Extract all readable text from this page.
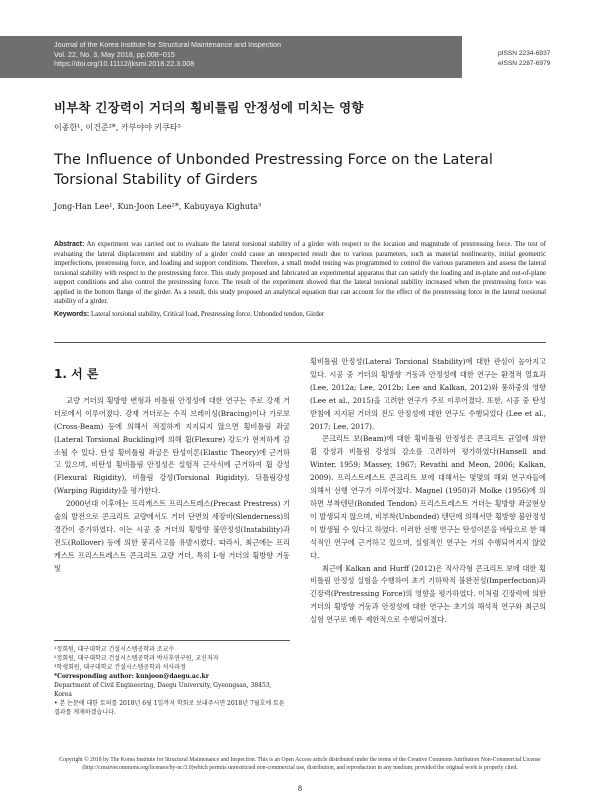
Journal of the Korea Institute for Structural Maintenance and Inspection
Vol. 22, No. 3, May 2018, pp.008~015
https://doi.org/10.11112/jksmi.2018.22.3.008
pISSN 2234-6937
eISSN 2287-6979
비부착 긴장력이 거더의 횡비틀림 안정성에 미치는 영향
이종한¹, 이건준²*, 카부야야 키쿠타³
The Influence of Unbonded Prestressing Force on the Lateral Torsional Stability of Girders
Jong-Han Lee¹, Kun-Joon Lee²*, Kabuyaya Kighuta³
Abstract: An experiment was carried out to evaluate the lateral torsional stability of a girder with respect to the location and magnitude of prestressing force. The test of evaluating the lateral displacement and stability of a girder could cause an unexpected result due to various parameters, such as material nonlinearity, initial geometric imperfections, prestressing force, and loading and support conditions. Therefore, a small model testing was programmed to control the various parameters and assess the lateral torsional stability with respect to the prestressing force. This study proposed and fabricated an experimental apparatus that can satisfy the loading and in-plane and out-of-plane support conditions and also control the prestressing force. The result of the experiment showed that the lateral torsional stability increased when the prestressing force was applied in the bottom flange of the girder. As a result, this study proposed an analytical equation that can account for the effect of the prestressing force in the lateral torsional stability of a girder.
Keywords: Lateral torsional stability, Critical load, Prestressing force, Unbonded tendon, Girder
1. 서 론

교량 거더의 횡방향 변형과 비틀림 안정성에 대한 연구는 주로 강재 거더로에서 이루어졌다. 강재 거더로는 수직 브레이싱(Bracing)이나 가로보(Cross-Beam) 등에 의해서 적절하게 지지되지 않으면 횡비틀림 좌굴(Lateral Torsional Buckling)에 의해 휨(Flexure) 강도가 현저하게 감소될 수 있다. 탄성 횡비틀림 좌굴은 탄성이론(Elastic Theory)에 근거하고 있으며, 비탄성 횡비틀림 안정성은 실험적 근사식에 근거하여 휨 강성(Flexural Rigidity), 비틀림 강성(Torsional Rigidity), 뒤틀림강성(Warping Rigidity)을 평가한다.

2000년대 이후에는 프리캐스트 프리스트레스(Precast Prestress) 기술의 발전으로 콘크리트 교량에서도 거더 단면의 세장비(Slenderness)의 경간이 증가하였다. 이는 시공 중 거더의 횡방향 불안정성(Instability)과 전도(Rollover) 등에 의한 붕괴사고를 유발시켰다. 따라서, 최근에는 프리캐스트 프리스트레스트 콘크리트 교량 거더, 특히 I-형 거더의 횡방향 거동 및

횡비틀림 안정성(Lateral Torsional Stability)에 대한 관심이 높아지고 있다. 시공 중 거더의 횡방향 거동과 안정성에 대한 연구는 환경적 열효과 (Lee, 2012a; Lee, 2012b; Lee and Kalkan, 2012)와 풍하중의 영향(Lee et al., 2015)을 고려한 연구가 주로 이루어졌다. 또한, 시공 중 탄성받침에 지지된 거더의 전도 안정성에 대한 연구도 수행되었다 (Lee et al., 2017; Lee, 2017).

콘크리트 보(Beam)에 대한 횡비틀림 안정성은 콘크리트 균열에 의한 휨 강성과 비틀림 강성의 감소를 고려하여 평가하였다(Hansell and Winter, 1959; Massey, 1967; Revathi and Meon, 2006; Kalkan, 2009). 프리스트레스트 콘크리트 보에 대해서는 몇몇의 해외 연구자들에 의해서 선행 연구가 이루어졌다. Magnel (1950)과 Molke (1956)에 의하면 부착텐던(Bonded Tendon) 프리스트레스트 거더는 횡방향 좌굴현상이 발생되지 않으며, 비부착(Unbonded) 텐던에 의해서만 횡방향 불안정성이 발생될 수 있다고 하였다. 이러한 선행 연구는 탄성이론을 바탕으로 한 해석적인 연구에 근거하고 있으며, 실험적인 연구는 거의 수행되어지지 않았다.

최근에 Kalkan and Hurff (2012)은 직사각형 콘크리트 보에 대한 횡비틀림 안정성 실험을 수행하여 초기 기하학적 불완전성(Imperfection)과 긴장력(Prestressing Force)의 영향을 평가하였다. 이처럼 긴장력에 의한 거더의 횡방향 거동과 안정성에 대한 연구는 초기의 해석적 연구와 최근의 실험 연구로 매우 제한적으로 수행되어졌다.

¹정회원, 대구대학교 건설시스템공학과 조교수
²정회원, 대구대학교 건설시스템공학과 박사후연구원, 교신저자
³학생회원, 대구대학교 건설시스템공학과 석사과정
*Corresponding author: kunjoon@daegu.ac.kr
Department of Civil Engineering, Daegu University, Gyeongsan, 38453, Korea
• 본 논문에 대한 토의를 2018년 6월 1일까지 학회로 보내주시면 2018년 7월호에 토론결과를 게재하겠습니다.
Copyright © 2018 by The Korea Institute for Structural Maintenance and Inspection. This is an Open Access article distributed under the terms of the Creative Commons Attribution Non-Commercial License (http://creativecommons.org/licenses/by-nc/3.0)which permits unrestricted non-commercial use, distribution, and reproduction in any medium, provided the original work is properly cited.
8
